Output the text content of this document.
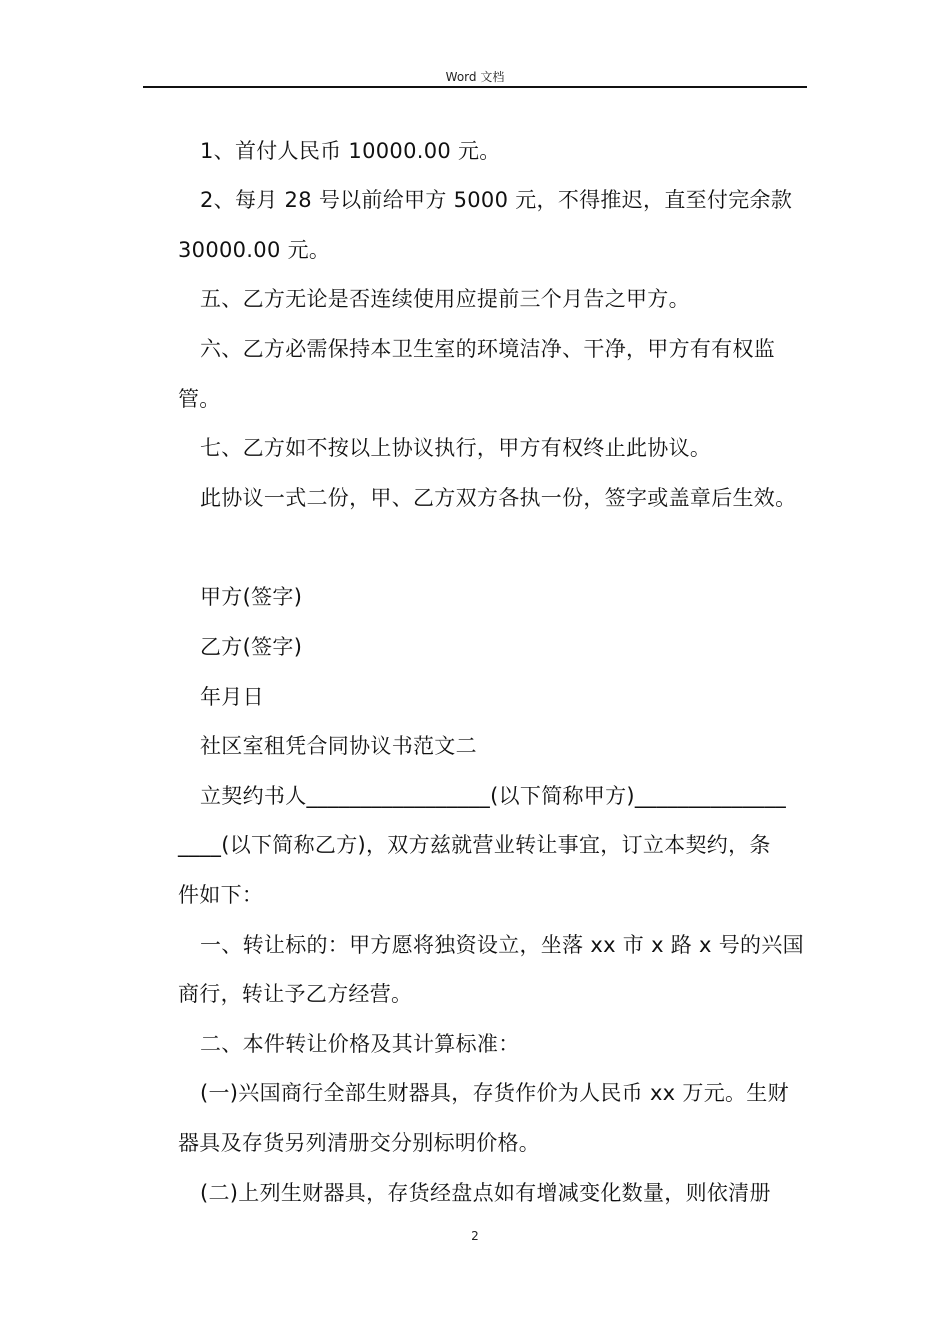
Word 文档
1、首付人民币 10000.00 元。
2、每月 28 号以前给甲方 5000 元，不得推迟，直至付完余款
30000.00 元。
五、乙方无论是否连续使用应提前三个月告之甲方。
六、乙方必需保持本卫生室的环境洁净、干净，甲方有有权监
管。
七、乙方如不按以上协议执行，甲方有权终止此协议。
此协议一式二份，甲、乙方双方各执一份，签字或盖章后生效。
甲方(签字)
乙方(签字)
年月日
社区室租凭合同协议书范文二
立契约书人_________________(以下简称甲方)______________
____(以下简称乙方)，双方兹就营业转让事宜，订立本契约，条
件如下：
一、转让标的：甲方愿将独资设立，坐落 xx 市 x 路 x 号的兴国
商行，转让予乙方经营。
二、本件转让价格及其计算标准：
(一)兴国商行全部生财器具，存货作价为人民币 xx 万元。生财
器具及存货另列清册交分别标明价格。
(二)上列生财器具，存货经盘点如有增减变化数量，则依清册
2
